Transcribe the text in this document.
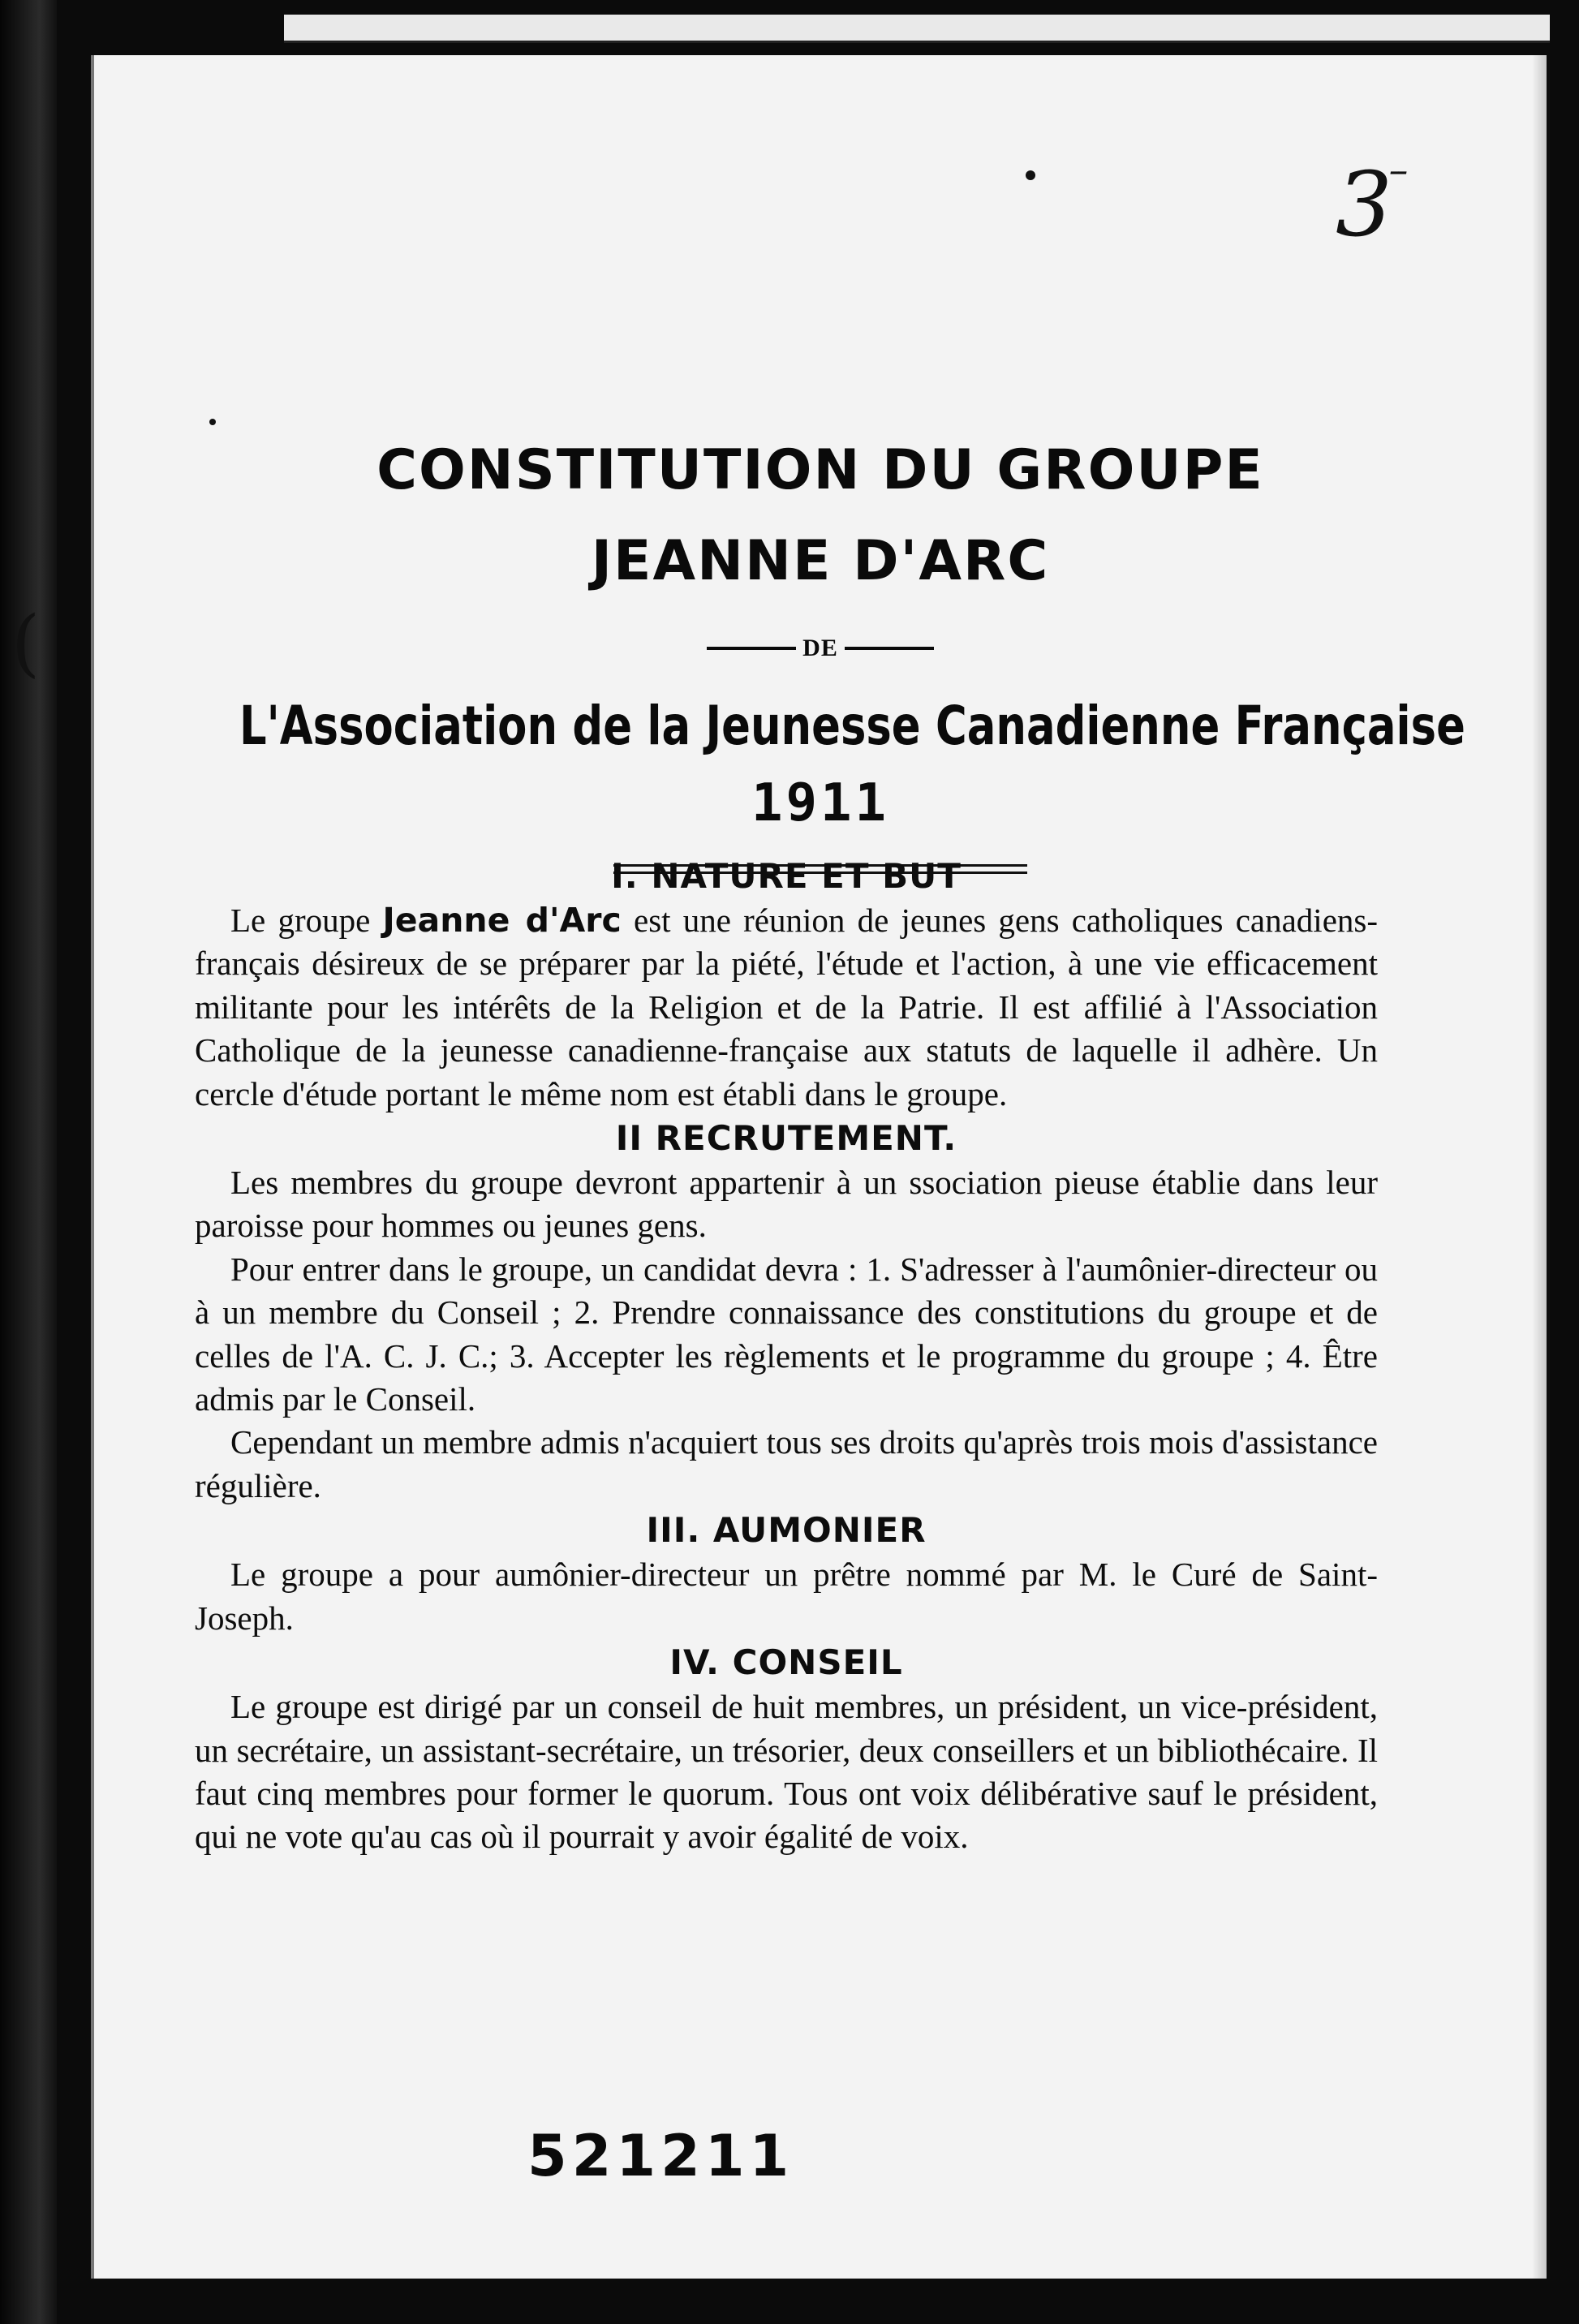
3--

CONSTITUTION DU GROUPE

JEANNE D'ARC

DE
L'Association de la Jeunesse Canadienne Française
1911
(

I. NATURE ET BUT

Le groupe Jeanne d'Arc est une réunion de jeunes gens catholiques canadiens-français désireux de se préparer par la piété, l'étude et l'action, à une vie efficacement militante pour les intérêts de la Religion et de la Patrie. Il est affilié à l'Association Catholique de la jeunesse canadienne-française aux statuts de laquelle il adhère. Un cercle d'étude portant le même nom est établi dans le groupe.

II RECRUTEMENT.

Les membres du groupe devront appartenir à un ssociation pieuse établie dans leur paroisse pour hommes ou jeunes gens.

Pour entrer dans le groupe, un candidat devra : 1. S'adresser à l'aumônier-directeur ou à un membre du Conseil ; 2. Prendre connaissance des constitutions du groupe et de celles de l'A. C. J. C.; 3. Accepter les règlements et le programme du groupe ; 4. Être admis par le Conseil.

Cependant un membre admis n'acquiert tous ses droits qu'après trois mois d'assistance régulière.

III. AUMONIER

Le groupe a pour aumônier-directeur un prêtre nommé par M. le Curé de Saint-Joseph.

IV. CONSEIL

Le groupe est dirigé par un conseil de huit membres, un président, un vice-président, un secrétaire, un assistant-secrétaire, un trésorier, deux conseillers et un bibliothécaire. Il faut cinq membres pour former le quorum. Tous ont voix délibérative sauf le président, qui ne vote qu'au cas où il pourrait y avoir égalité de voix.

521211
